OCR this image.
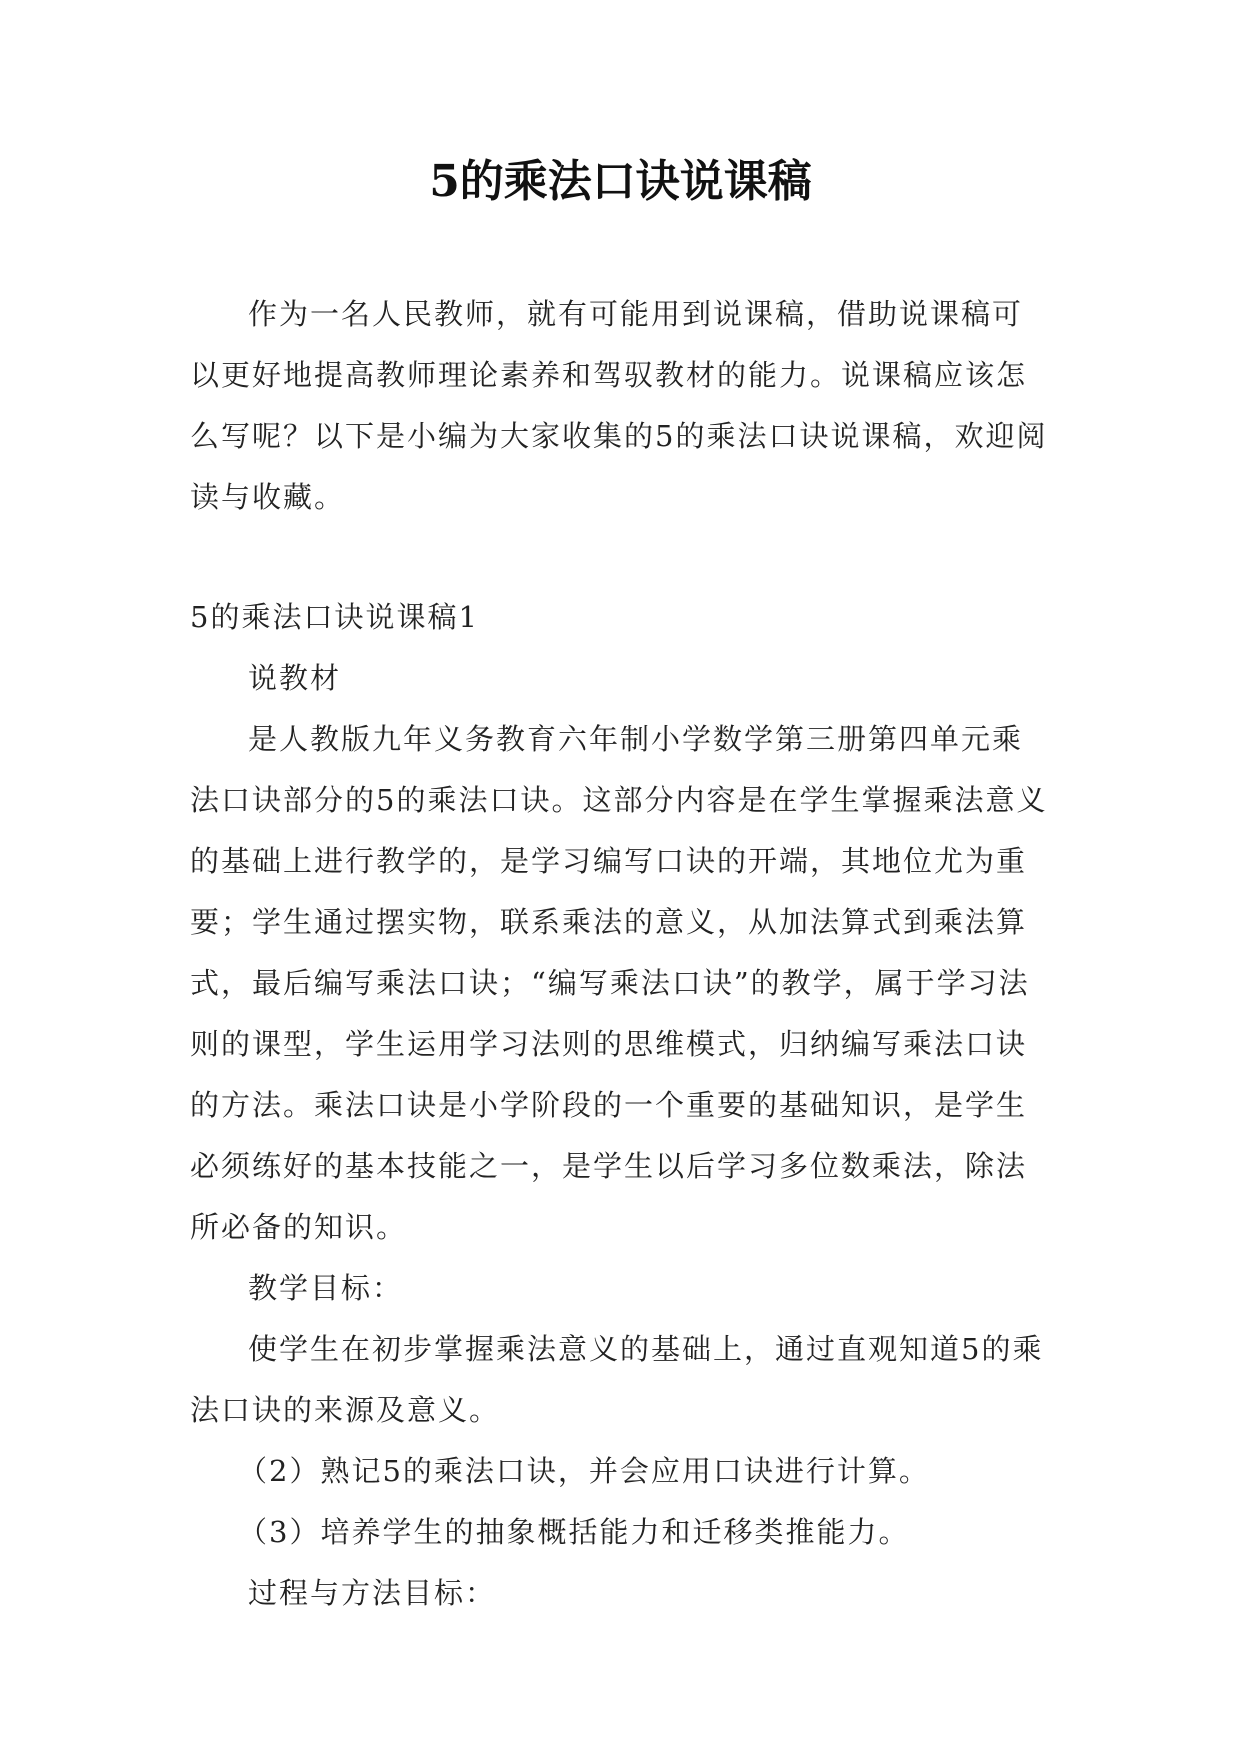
5的乘法口诀说课稿

作为一名人民教师，就有可能用到说课稿，借助说课稿可以更好地提高教师理论素养和驾驭教材的能力。说课稿应该怎么写呢？以下是小编为大家收集的5的乘法口诀说课稿，欢迎阅读与收藏。

5的乘法口诀说课稿1

说教材

是人教版九年义务教育六年制小学数学第三册第四单元乘法口诀部分的5的乘法口诀。这部分内容是在学生掌握乘法意义的基础上进行教学的，是学习编写口诀的开端，其地位尤为重要；学生通过摆实物，联系乘法的意义，从加法算式到乘法算式，最后编写乘法口诀；“编写乘法口诀”的教学，属于学习法则的课型，学生运用学习法则的思维模式，归纳编写乘法口诀的方法。乘法口诀是小学阶段的一个重要的基础知识，是学生必须练好的基本技能之一，是学生以后学习多位数乘法，除法所必备的知识。

教学目标：

使学生在初步掌握乘法意义的基础上，通过直观知道5的乘法口诀的来源及意义。

（2）熟记5的乘法口诀，并会应用口诀进行计算。

（3）培养学生的抽象概括能力和迁移类推能力。

过程与方法目标：
